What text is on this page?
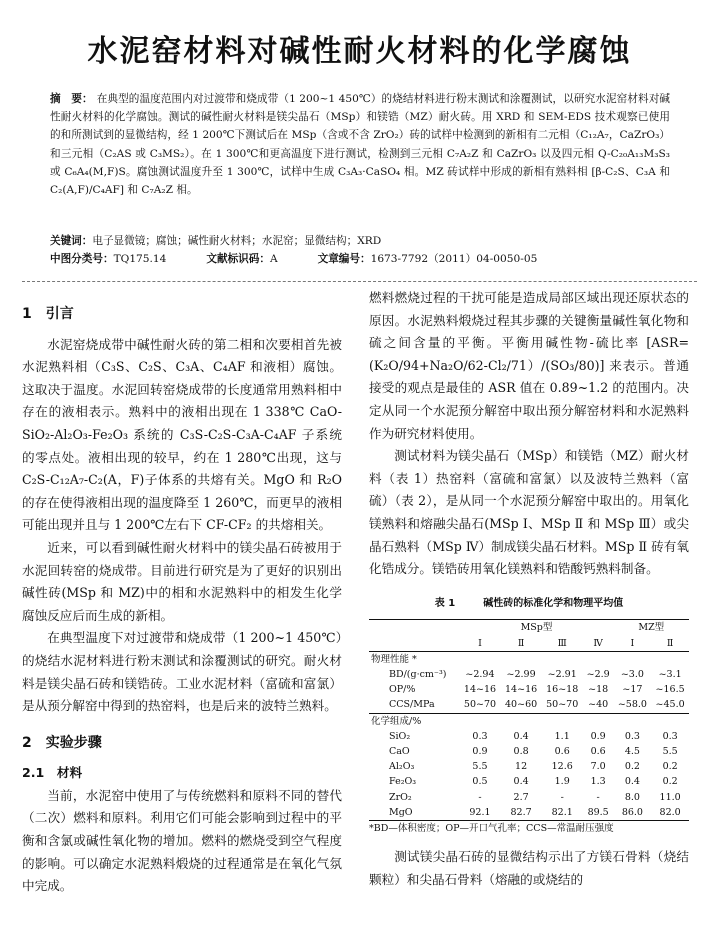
水泥窑材料对碱性耐火材料的化学腐蚀
摘　要： 在典型的温度范围内对过渡带和烧成带（1 200~1 450℃）的烧结材料进行粉末测试和涂覆测试，以研究水泥窑材料对碱性耐火材料的化学腐蚀。测试的碱性耐火材料是镁尖晶石（MSp）和镁锆（MZ）耐火砖。用 XRD 和 SEM-EDS 技术观察已使用的和所测试到的显微结构，经 1 200℃下测试后在 MSp（含或不含 ZrO₂）砖的试样中检测到的新相有二元相（C₁₂A₇，CaZrO₃）和三元相（C₂AS 或 C₃MS₂）。在 1 300℃和更高温度下进行测试，检测到三元相 C₇A₂Z 和 CaZrO₃ 以及四元相 Q-C₂₀A₁₃M₃S₃ 或 C₆A₄(M,F)S。腐蚀测试温度升至 1 300℃，试样中生成 C₃A₃·CaSO₄ 相。MZ 砖试样中形成的新相有熟料相 [β-C₂S、C₃A 和 C₂(A,F)/C₄AF] 和 C₇A₂Z 相。
关键词： 电子显微镜；腐蚀；碱性耐火材料；水泥窑；显微结构；XRD
中图分类号：TQ175.14	文献标识码：A	文章编号：1673-7792（2011）04-0050-05
1　引言

水泥窑烧成带中碱性耐火砖的第二相和次要相首先被水泥熟料相（C₃S、C₂S、C₃A、C₄AF 和液相）腐蚀。这取决于温度。水泥回转窑烧成带的长度通常用熟料相中存在的液相表示。熟料中的液相出现在 1 338℃ CaO-SiO₂-Al₂O₃-Fe₂O₃ 系统的 C₃S-C₂S-C₃A-C₄AF 子系统的零点处。液相出现的较早，约在 1 280℃出现，这与 C₂S-C₁₂A₇-C₂(A，F)子体系的共熔有关。MgO 和 R₂O 的存在使得液相出现的温度降至 1 260℃，而更早的液相可能出现并且与 1 200℃左右下 CF-CF₂ 的共熔相关。

近来，可以看到碱性耐火材料中的镁尖晶石砖被用于水泥回转窑的烧成带。目前进行研究是为了更好的识别出碱性砖(MSp 和 MZ)中的相和水泥熟料中的相发生化学腐蚀反应后而生成的新相。

在典型温度下对过渡带和烧成带（1 200~1 450℃）的烧结水泥材料进行粉末测试和涂覆测试的研究。耐火材料是镁尖晶石砖和镁锆砖。工业水泥材料（富硫和富氯）是从预分解窑中得到的热窑料，也是后来的波特兰熟料。

2　实验步骤
2.1　材料

当前，水泥窑中使用了与传统燃料和原料不同的替代（二次）燃料和原料。利用它们可能会影响到过程中的平衡和含氯或碱性氧化物的增加。燃料的燃烧受到空气程度的影响。可以确定水泥熟料煅烧的过程通常是在氧化气氛中完成。

燃料燃烧过程的干扰可能是造成局部区域出现还原状态的原因。水泥熟料煅烧过程其步骤的关键衡量碱性氧化物和硫之间含量的平衡。平衡用碱性物-硫比率 [ASR=(K₂O/94+Na₂O/62-Cl₂/71）/(SO₃/80)] 来表示。普通接受的观点是最佳的 ASR 值在 0.89~1.2 的范围内。决定从同一个水泥预分解窑中取出预分解窑材料和水泥熟料作为研究材料使用。

测试材料为镁尖晶石（MSp）和镁锆（MZ）耐火材料（表 1）热窑料（富硫和富氯）以及波特兰熟料（富硫）（表 2），是从同一个水泥预分解窑中取出的。用氧化镁熟料和熔融尖晶石(MSp Ⅰ、MSp Ⅱ 和 MSp Ⅲ）或尖晶石熟料（MSp Ⅳ）制成镁尖晶石材料。MSp Ⅱ 砖有氧化锆成分。镁锆砖用氧化镁熟料和锆酸钙熟料制备。

表 1	碱性砖的标准化学和物理平均值
	MSp型				MZ型	
	Ⅰ	Ⅱ	Ⅲ	Ⅳ	Ⅰ	Ⅱ
物理性能 *						
BD/(g·cm⁻³)	~2.94	~2.99	~2.91	~2.9	~3.0	~3.1
OP/%	14~16	14~16	16~18	~18	~17	~16.5
CCS/MPa	50~70	40~60	50~70	~40	~58.0	~45.0
化学组成/%						
SiO₂	0.3	0.4	1.1	0.9	0.3	0.3
CaO	0.9	0.8	0.6	0.6	4.5	5.5
Al₂O₃	5.5	12	12.6	7.0	0.2	0.2
Fe₂O₃	0.5	0.4	1.9	1.3	0.4	0.2
ZrO₂	-	2.7	-	-	8.0	11.0
MgO	92.1	82.7	82.1	89.5	86.0	82.0
*BD—体积密度；OP—开口气孔率；CCS—常温耐压强度

测试镁尖晶石砖的显微结构示出了方镁石骨料（烧结颗粒）和尖晶石骨料（熔融的或烧结的
